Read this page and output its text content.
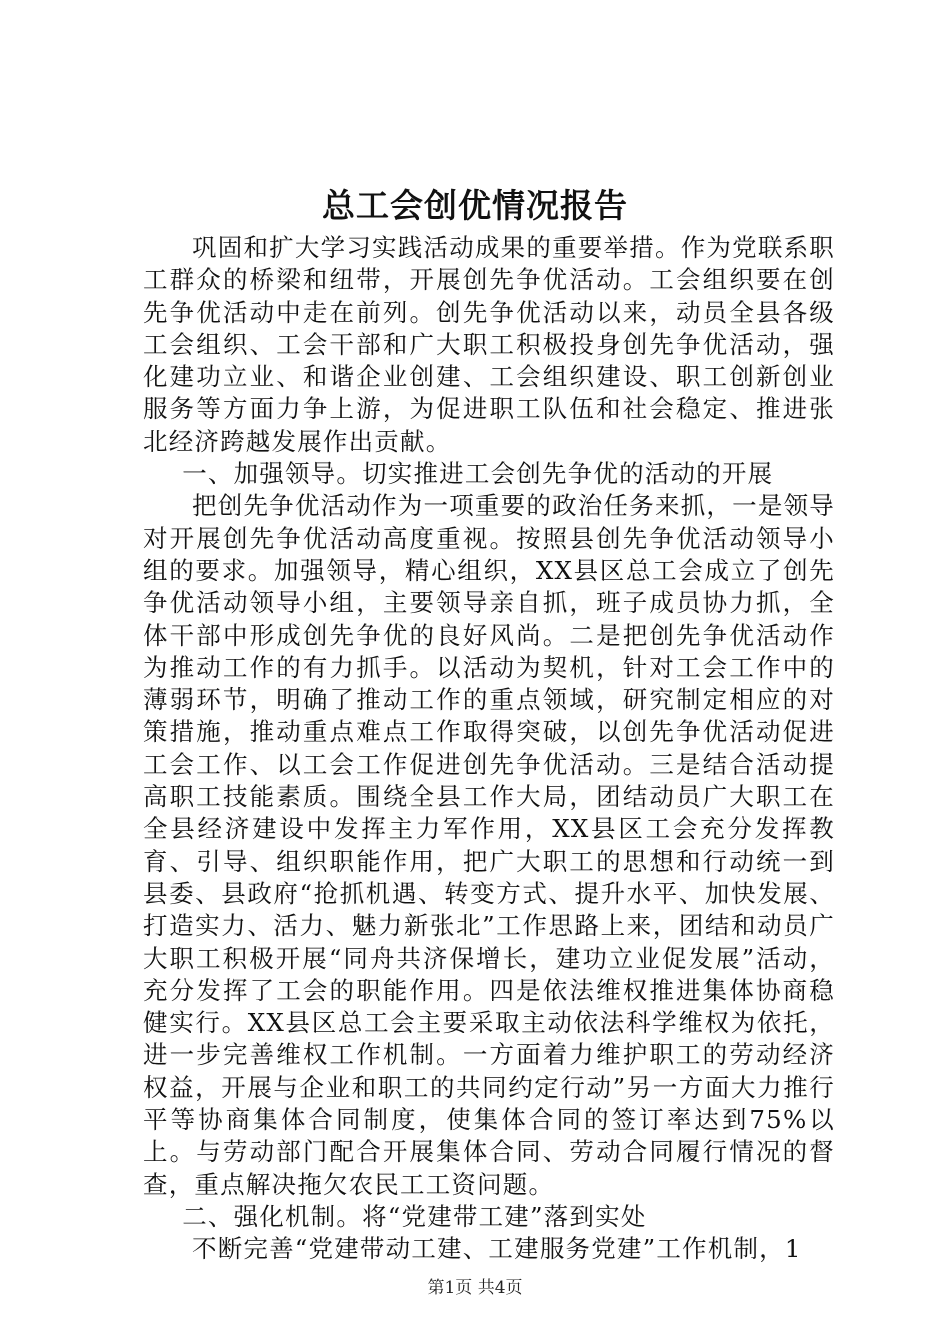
总工会创优情况报告

巩固和扩大学习实践活动成果的重要举措。作为党联系职工群众的桥梁和纽带，开展创先争优活动。工会组织要在创先争优活动中走在前列。创先争优活动以来，动员全县各级工会组织、工会干部和广大职工积极投身创先争优活动，强化建功立业、和谐企业创建、工会组织建设、职工创新创业服务等方面力争上游，为促进职工队伍和社会稳定、推进张北经济跨越发展作出贡献。

一、加强领导。切实推进工会创先争优的活动的开展

把创先争优活动作为一项重要的政治任务来抓，一是领导对开展创先争优活动高度重视。按照县创先争优活动领导小组的要求。加强领导，精心组织，XX县区总工会成立了创先争优活动领导小组，主要领导亲自抓，班子成员协力抓，全体干部中形成创先争优的良好风尚。二是把创先争优活动作为推动工作的有力抓手。以活动为契机，针对工会工作中的薄弱环节，明确了推动工作的重点领域，研究制定相应的对策措施，推动重点难点工作取得突破，以创先争优活动促进工会工作、以工会工作促进创先争优活动。三是结合活动提高职工技能素质。围绕全县工作大局，团结动员广大职工在全县经济建设中发挥主力军作用，XX县区工会充分发挥教育、引导、组织职能作用，把广大职工的思想和行动统一到县委、县政府“抢抓机遇、转变方式、提升水平、加快发展、打造实力、活力、魅力新张北”工作思路上来，团结和动员广大职工积极开展“同舟共济保增长，建功立业促发展”活动，充分发挥了工会的职能作用。四是依法维权推进集体协商稳健实行。XX县区总工会主要采取主动依法科学维权为依托，进一步完善维权工作机制。一方面着力维护职工的劳动经济权益，开展与企业和职工的共同约定行动”另一方面大力推行平等协商集体合同制度，使集体合同的签订率达到75%以上。与劳动部门配合开展集体合同、劳动合同履行情况的督查，重点解决拖欠农民工工资问题。

二、强化机制。将“党建带工建”落到实处

不断完善“党建带动工建、工建服务党建”工作机制，1

第1页 共4页
